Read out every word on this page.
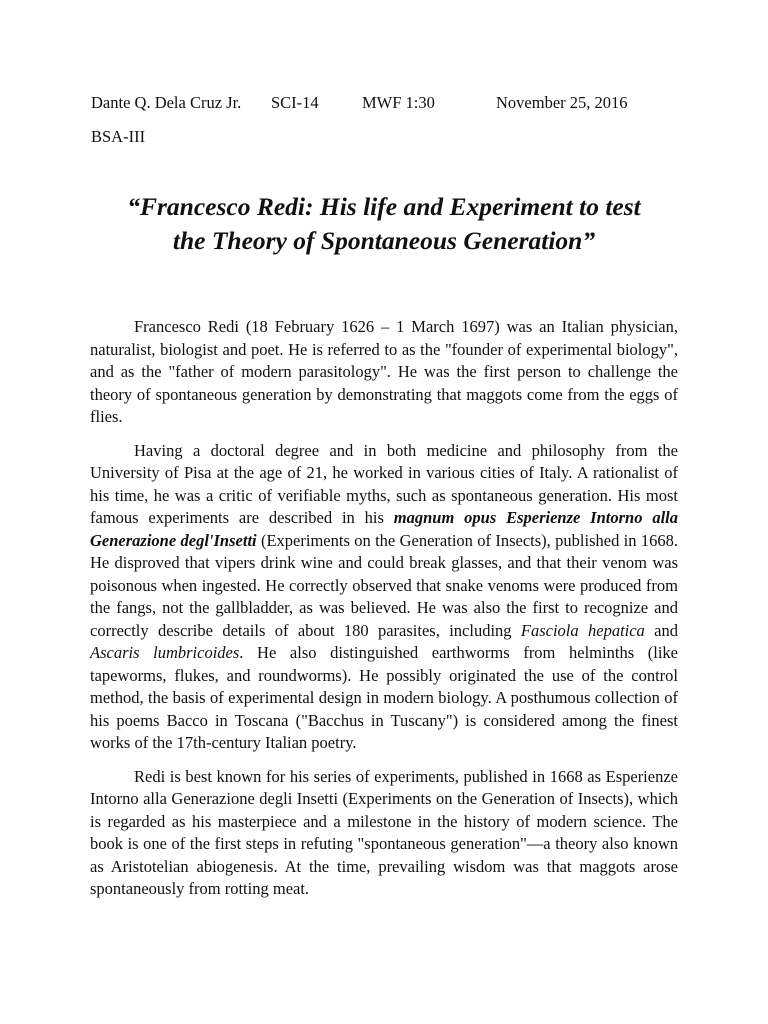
Dante Q. Dela Cruz Jr. SCI-14	MWF 1:30	November 25, 2016
BSA-III
“Francesco Redi: His life and Experiment to test
the Theory of Spontaneous Generation”

Francesco Redi (18 February 1626 – 1 March 1697) was an Italian physician, naturalist, biologist and poet. He is referred to as the "founder of experimental biology", and as the "father of modern parasitology". He was the first person to challenge the theory of spontaneous generation by demonstrating that maggots come from the eggs of flies.

Having a doctoral degree and in both medicine and philosophy from the University of Pisa at the age of 21, he worked in various cities of Italy. A rationalist of his time, he was a critic of verifiable myths, such as spontaneous generation. His most famous experiments are described in his magnum opus Esperienze Intorno alla Generazione degl'Insetti (Experiments on the Generation of Insects), published in 1668. He disproved that vipers drink wine and could break glasses, and that their venom was poisonous when ingested. He correctly observed that snake venoms were produced from the fangs, not the gallbladder, as was believed. He was also the first to recognize and correctly describe details of about 180 parasites, including Fasciola hepatica and Ascaris lumbricoides. He also distinguished earthworms from helminths (like tapeworms, flukes, and roundworms). He possibly originated the use of the control method, the basis of experimental design in modern biology. A posthumous collection of his poems Bacco in Toscana ("Bacchus in Tuscany") is considered among the finest works of the 17th-century Italian poetry.

Redi is best known for his series of experiments, published in 1668 as Esperienze Intorno alla Generazione degli Insetti (Experiments on the Generation of Insects), which is regarded as his masterpiece and a milestone in the history of modern science. The book is one of the first steps in refuting "spontaneous generation"—a theory also known as Aristotelian abiogenesis. At the time, prevailing wisdom was that maggots arose spontaneously from rotting meat.
